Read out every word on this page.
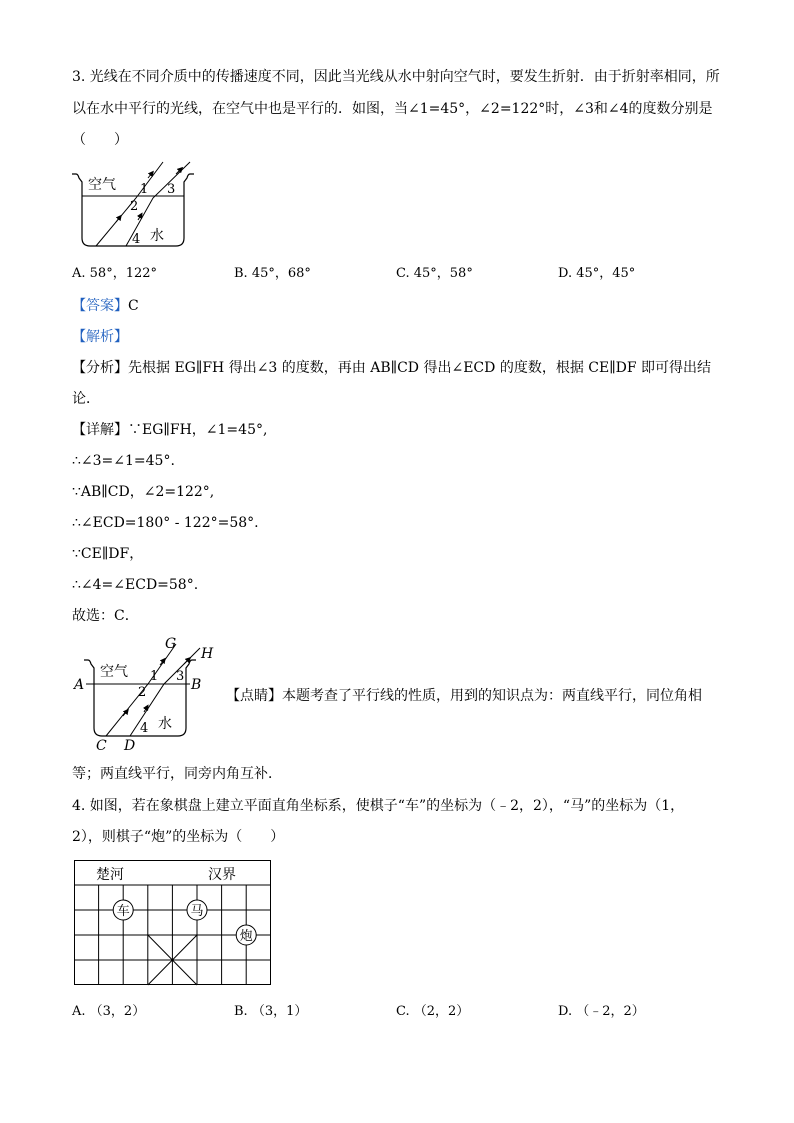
3. 光线在不同介质中的传播速度不同，因此当光线从水中射向空气时，要发生折射．由于折射率相同，所
以在水中平行的光线，在空气中也是平行的．如图，当∠1=45°，∠2=122°时，∠3和∠4的度数分别是
（　　）
空气 1 3
2
4 水
A. 58°，122°	B. 45°，68°	C. 45°，58°	D. 45°，45°
【答案】C
【解析】
【分析】先根据 EG∥FH 得出∠3 的度数，再由 AB∥CD 得出∠ECD 的度数，根据 CE∥DF 即可得出结
论．
【详解】∵EG∥FH，∠1=45°,
∴∠3=∠1=45°.
∵AB∥CD，∠2=122°,
∴∠ECD=180° - 122°=58°.
∵CE∥DF，
∴∠4=∠ECD=58°.
故选：C．
空气 1 3
2
4 水
A	B
C D
G
H
【点睛】本题考查了平行线的性质，用到的知识点为：两直线平行，同位角相
等；两直线平行，同旁内角互补．
4. 如图，若在象棋盘上建立平面直角坐标系，使棋子“车”的坐标为（﹣2，2），“马”的坐标为（1，
2），则棋子“炮”的坐标为（　　）
楚河	汉界
车	马
炮
A. （3，2）	B. （3，1）	C. （2，2）	D. （﹣2，2）
